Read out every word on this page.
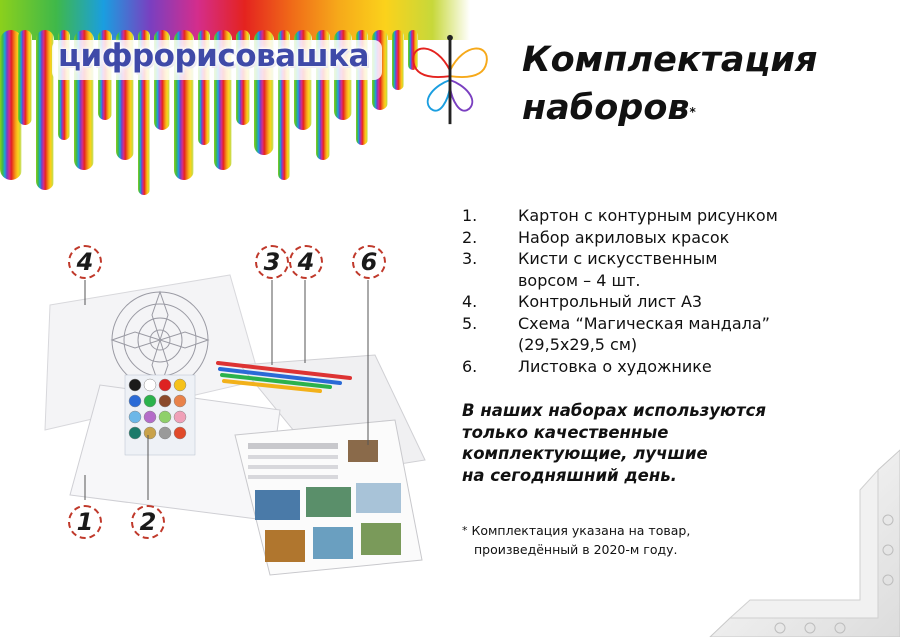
цифрорисовашка	Комплектация
наборов*
1.	Картон с контурным рисунком
2.	Набор акриловых красок
3.	Кисти с искусственным ворсом – 4 шт.
4.	Контрольный лист А3
5.	Схема “Магическая мандала” (29,5х29,5 см)
6.	Листовка о художнике
В наших наборах используются
только качественные
комплектующие, лучшие
на сегодняшний день.
* Комплектация указана на товар,
произведённый в 2020-м году.
4	3 4	6
1	2
